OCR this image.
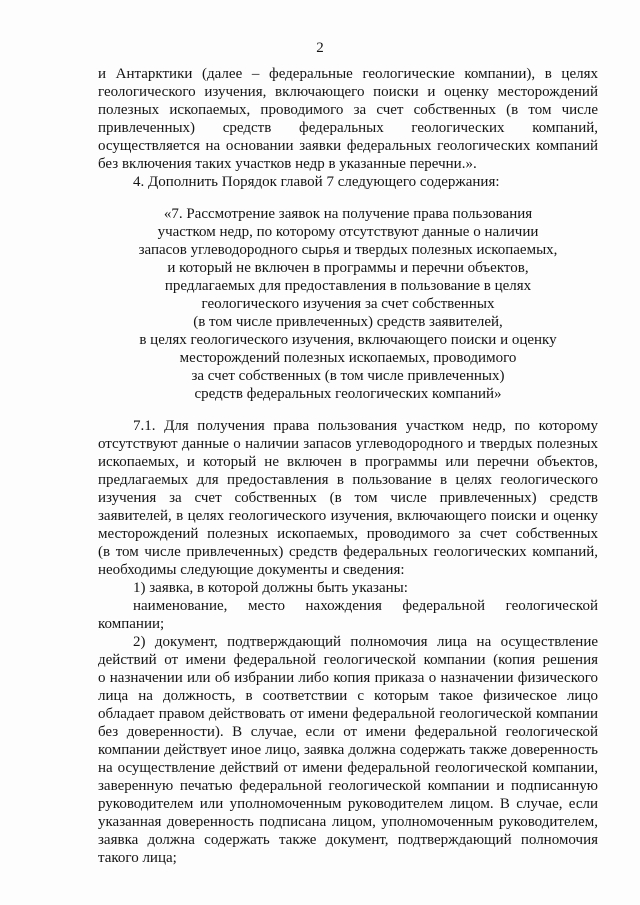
2
и Антарктики (далее – федеральные геологические компании), в целях
геологического изучения, включающего поиски и оценку месторождений
полезных ископаемых, проводимого за счет собственных (в том числе
привлеченных) средств федеральных геологических компаний,
осуществляется на основании заявки федеральных геологических компаний
без включения таких участков недр в указанные перечни.».
4. Дополнить Порядок главой 7 следующего содержания:
«7. Рассмотрение заявок на получение права пользования
участком недр, по которому отсутствуют данные о наличии
запасов углеводородного сырья и твердых полезных ископаемых,
и который не включен в программы и перечни объектов,
предлагаемых для предоставления в пользование в целях
геологического изучения за счет собственных
(в том числе привлеченных) средств заявителей,
в целях геологического изучения, включающего поиски и оценку
месторождений полезных ископаемых, проводимого
за счет собственных (в том числе привлеченных)
средств федеральных геологических компаний»
7.1. Для получения права пользования участком недр, по которому
отсутствуют данные о наличии запасов углеводородного и твердых полезных
ископаемых, и который не включен в программы или перечни объектов,
предлагаемых для предоставления в пользование в целях геологического
изучения за счет собственных (в том числе привлеченных) средств
заявителей, в целях геологического изучения, включающего поиски и оценку
месторождений полезных ископаемых, проводимого за счет собственных
(в том числе привлеченных) средств федеральных геологических компаний,
необходимы следующие документы и сведения:
1) заявка, в которой должны быть указаны:
наименование, место нахождения федеральной геологической
компании;
2) документ, подтверждающий полномочия лица на осуществление
действий от имени федеральной геологической компании (копия решения
о назначении или об избрании либо копия приказа о назначении физического
лица на должность, в соответствии с которым такое физическое лицо
обладает правом действовать от имени федеральной геологической компании
без доверенности). В случае, если от имени федеральной геологической
компании действует иное лицо, заявка должна содержать также доверенность
на осуществление действий от имени федеральной геологической компании,
заверенную печатью федеральной геологической компании и подписанную
руководителем или уполномоченным руководителем лицом. В случае, если
указанная доверенность подписана лицом, уполномоченным руководителем,
заявка должна содержать также документ, подтверждающий полномочия
такого лица;
